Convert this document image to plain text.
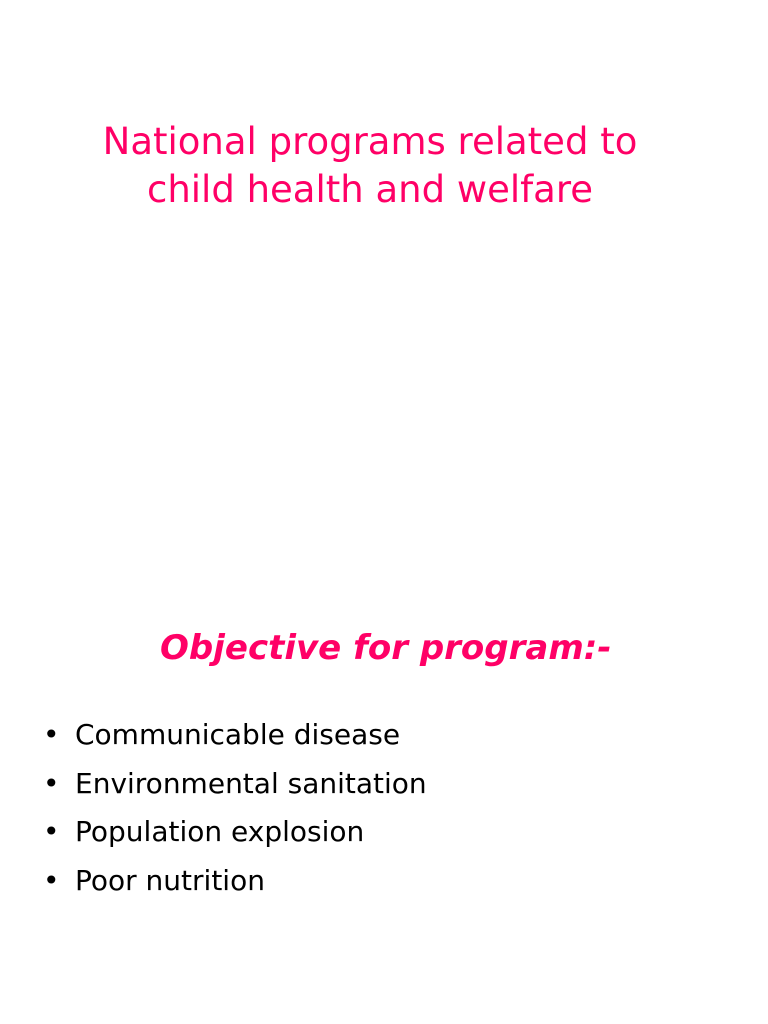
National programs related to
child health and welfare
Objective for program:-
• Communicable disease
• Environmental sanitation
• Population explosion
• Poor nutrition
